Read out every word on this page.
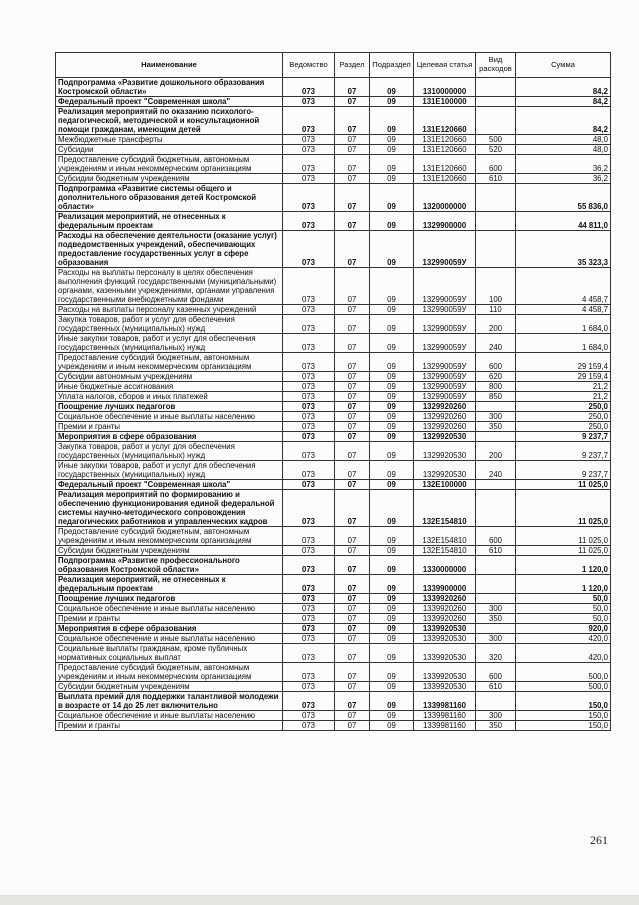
Наименование	Ведомство	Раздел	Подраздел	Целевая статья	Вид расходов	Сумма
Подпрограмма «Развитие дошкольного образования Костромской области»	073	07	09	1310000000		84,2
Федеральный проект "Современная школа"	073	07	09	131E100000		84,2
Реализация мероприятий по оказанию психолого-педагогической, методической и консультационной помощи гражданам, имеющим детей	073	07	09	131E120660		84,2
Межбюджетные трансферты	073	07	09	131E120660	500	48,0
Субсидии	073	07	09	131E120660	520	48,0
Предоставление субсидий бюджетным, автономным учреждениям и иным некоммерческим организациям	073	07	09	131E120660	600	36,2
Субсидии бюджетным учреждениям	073	07	09	131E120660	610	36,2
Подпрограмма «Развитие системы общего и дополнительного образования детей Костромской области»	073	07	09	1320000000		55 836,0
Реализация мероприятий, не отнесенных к федеральным проектам	073	07	09	1329900000		44 811,0
Расходы на обеспечение деятельности (оказание услуг) подведомственных учреждений, обеспечивающих предоставление государственных услуг в сфере образования	073	07	09	132990059У		35 323,3
Расходы на выплаты персоналу в целях обеспечения выполнения функций государственными (муниципальными) органами, казенными учреждениями, органами управления государственными внебюджетными фондами	073	07	09	132990059У	100	4 458,7
Расходы на выплаты персоналу казенных учреждений	073	07	09	132990059У	110	4 458,7
Закупка товаров, работ и услуг для обеспечения государственных (муниципальных) нужд	073	07	09	132990059У	200	1 684,0
Иные закупки товаров, работ и услуг для обеспечения государственных (муниципальных) нужд	073	07	09	132990059У	240	1 684,0
Предоставление субсидий бюджетным, автономным учреждениям и иным некоммерческим организациям	073	07	09	132990059У	600	29 159,4
Субсидии автономным учреждениям	073	07	09	132990059У	620	29 159,4
Иные бюджетные ассигнования	073	07	09	132990059У	800	21,2
Уплата налогов, сборов и иных платежей	073	07	09	132990059У	850	21,2
Поощрение лучших педагогов	073	07	09	1329920260		250,0
Социальное обеспечение и иные выплаты населению	073	07	09	1329920260	300	250,0
Премии и гранты	073	07	09	1329920260	350	250,0
Мероприятия в сфере образования	073	07	09	1329920530		9 237,7
Закупка товаров, работ и услуг для обеспечения государственных (муниципальных) нужд	073	07	09	1329920530	200	9 237,7
Иные закупки товаров, работ и услуг для обеспечения государственных (муниципальных) нужд	073	07	09	1329920530	240	9 237,7
Федеральный проект "Современная школа"	073	07	09	132E100000		11 025,0
Реализация мероприятий по формированию и обеспечению функционирования единой федеральной системы научно-методического сопровождения педагогических работников и управленческих кадров	073	07	09	132E154810		11 025,0
Предоставление субсидий бюджетным, автономным учреждениям и иным некоммерческим организациям	073	07	09	132E154810	600	11 025,0
Субсидии бюджетным учреждениям	073	07	09	132E154810	610	11 025,0
Подпрограмма «Развитие профессионального образования Костромской области»	073	07	09	1330000000		1 120,0
Реализация мероприятий, не отнесенных к федеральным проектам	073	07	09	1339900000		1 120,0
Поощрение лучших педагогов	073	07	09	1339920260		50,0
Социальное обеспечение и иные выплаты населению	073	07	09	1339920260	300	50,0
Премии и гранты	073	07	09	1339920260	350	50,0
Мероприятия в сфере образования	073	07	09	1339920530		920,0
Социальное обеспечение и иные выплаты населению	073	07	09	1339920530	300	420,0
Социальные выплаты гражданам, кроме публичных нормативных социальных выплат	073	07	09	1339920530	320	420,0
Предоставление субсидий бюджетным, автономным учреждениям и иным некоммерческим организациям	073	07	09	1339920530	600	500,0
Субсидии бюджетным учреждениям	073	07	09	1339920530	610	500,0
Выплата премий для поддержки талантливой молодежи в возрасте от 14 до 25 лет включительно	073	07	09	1339981160		150,0
Социальное обеспечение и иные выплаты населению	073	07	09	1339981160	300	150,0
Премии и гранты	073	07	09	1339981160	350	150,0
261
